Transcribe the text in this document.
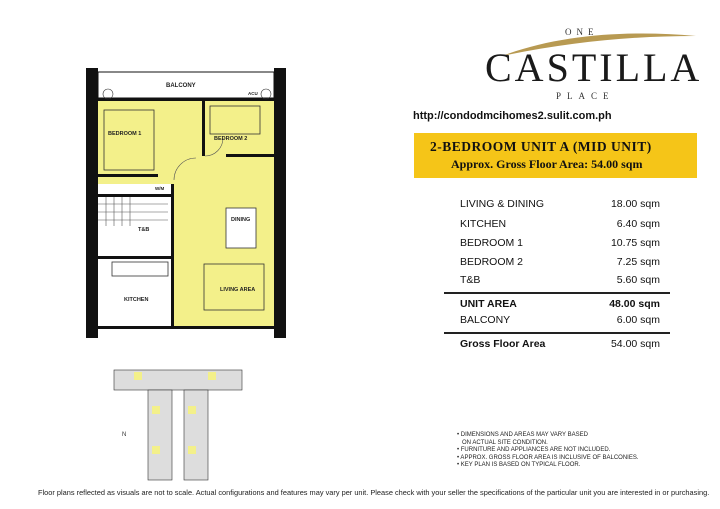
ONE
CASTILLA
PLACE
http://condodmcihomes2.sulit.com.ph
2-BEDROOM UNIT A (MID UNIT)
Approx. Gross Floor Area: 54.00 sqm
LIVING & DINING	18.00 sqm
KITCHEN	6.40 sqm
BEDROOM 1	10.75 sqm
BEDROOM 2	7.25 sqm
T&B	5.60 sqm
UNIT AREA	48.00 sqm
BALCONY	6.00 sqm
Gross Floor Area	54.00 sqm
BALCONY
BEDROOM 1
BEDROOM 2
DINING
T&B
LIVING AREA
KITCHEN
ACU
W/M
N	• DIMENSIONS AND AREAS MAY VARY BASED
ON ACTUAL SITE CONDITION.
• FURNITURE AND APPLIANCES ARE NOT INCLUDED.
• APPROX. GROSS FLOOR AREA IS INCLUSIVE OF BALCONIES.
• KEY PLAN IS BASED ON TYPICAL FLOOR.
Floor plans reflected as visuals are not to scale. Actual configurations and features may vary per unit. Please check with your seller the specifications of the particular unit you are interested in or purchasing.
